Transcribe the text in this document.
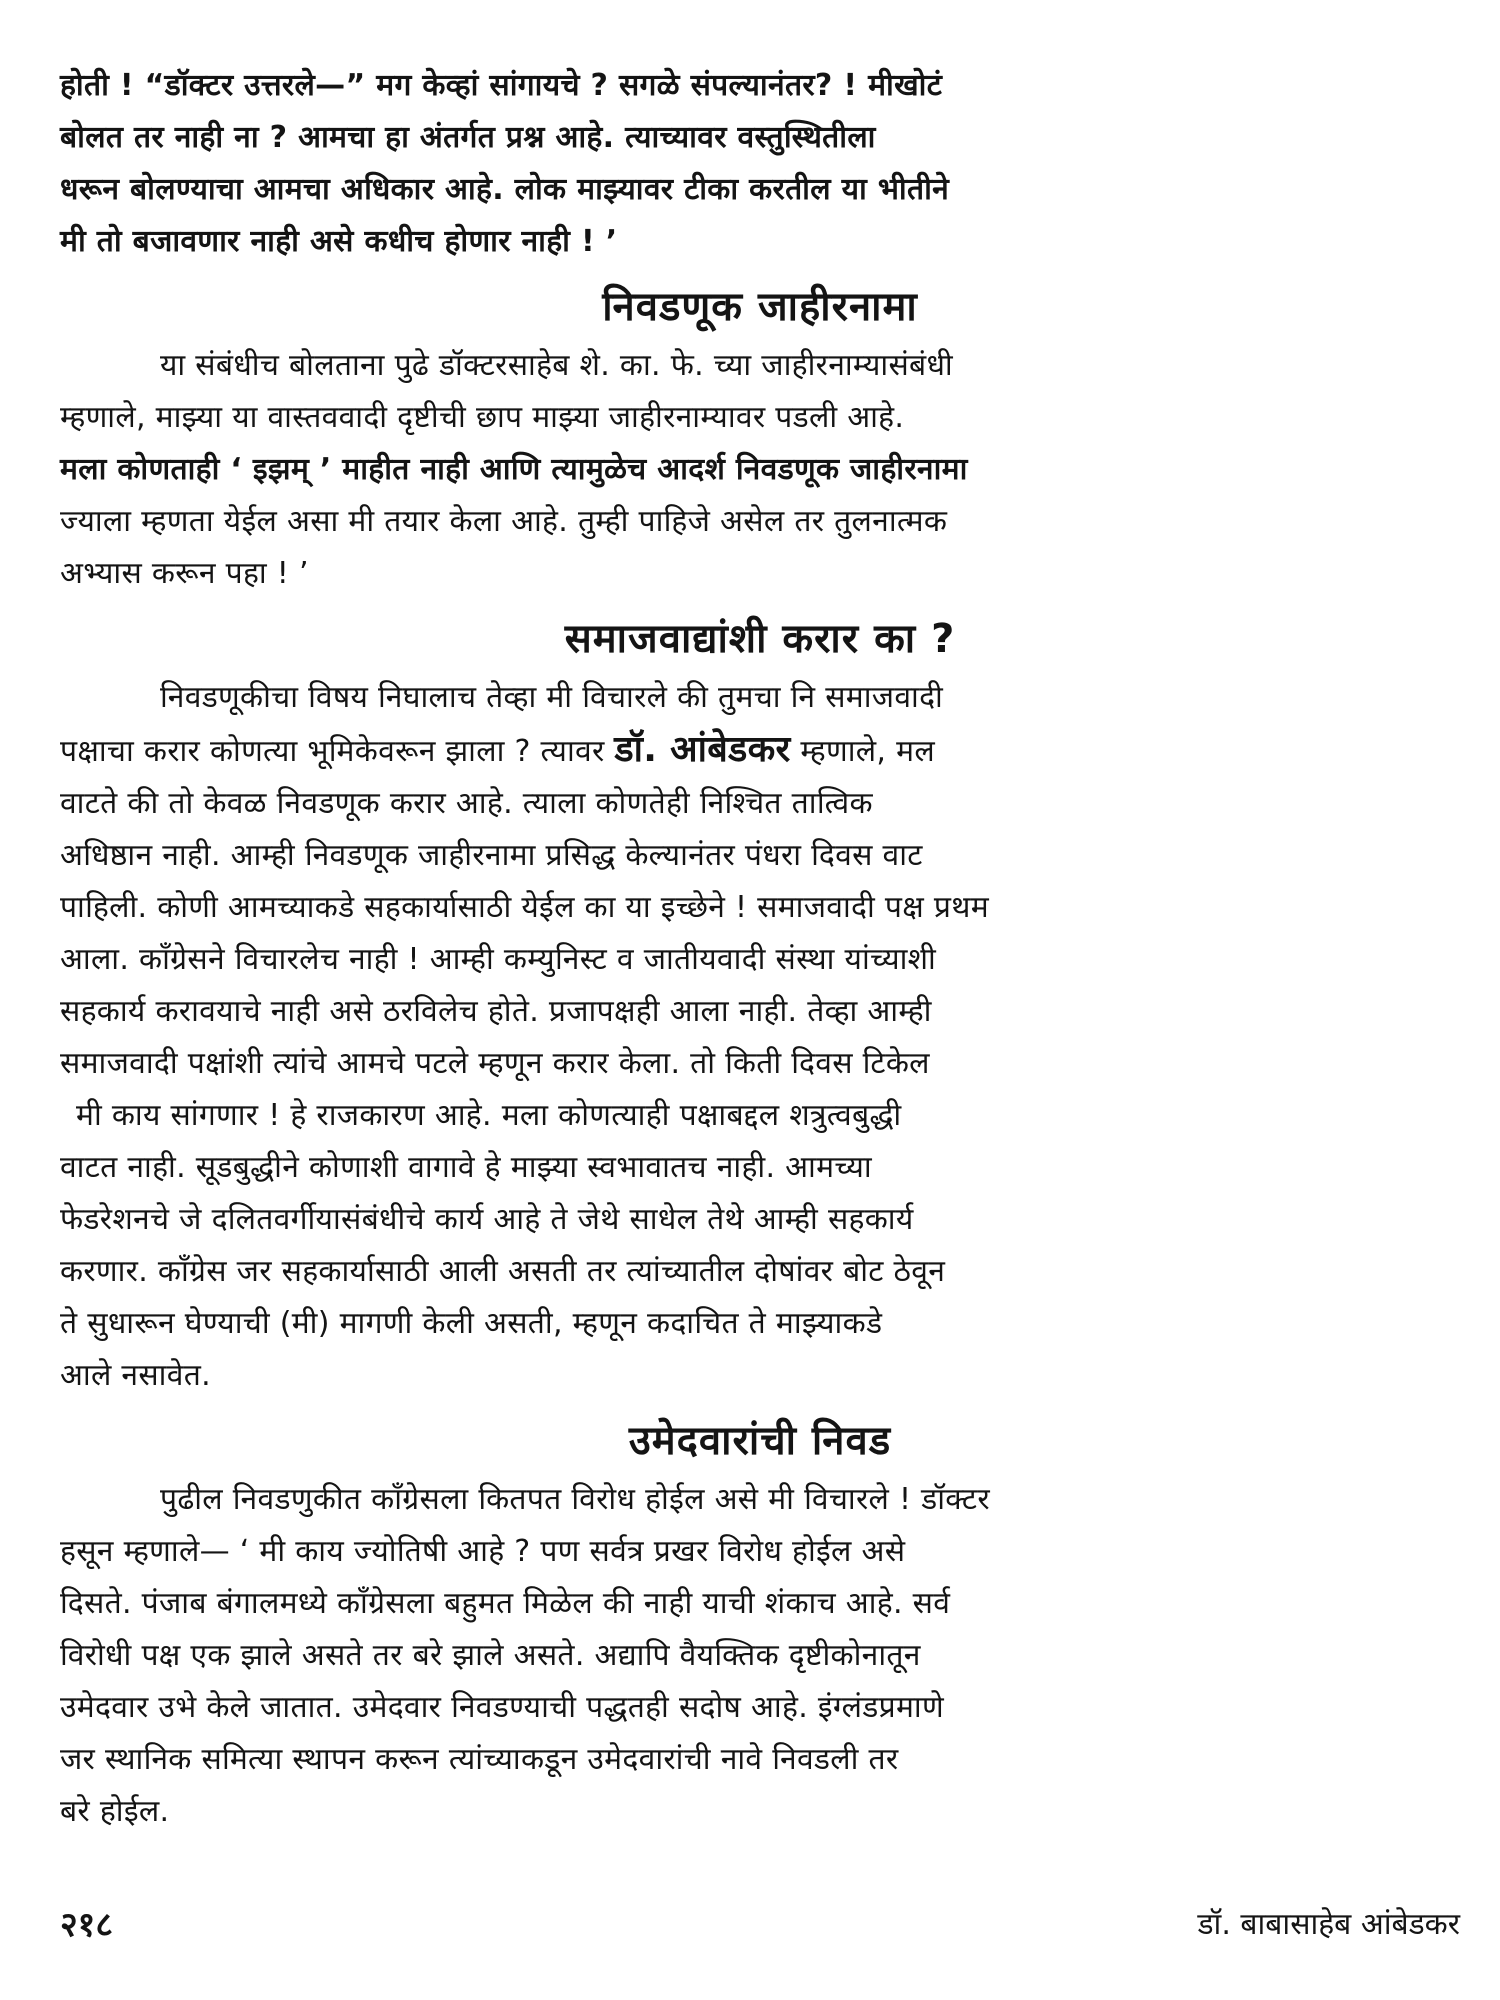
होती ! “डॉक्टर उत्तरले—” मग केव्हां सांगायचे ? सगळे संपल्यानंतर? ! मीखोटं
बोलत तर नाही ना ? आमचा हा अंतर्गत प्रश्न आहे. त्याच्यावर वस्तुस्थितीला
धरून बोलण्याचा आमचा अधिकार आहे. लोक माझ्यावर टीका करतील या भीतीने
मी तो बजावणार नाही असे कधीच होणार नाही ! ’
निवडणूक जाहीरनामा
या संबंधीच बोलताना पुढे डॉक्टरसाहेब शे. का. फे. च्या जाहीरनाम्यासंबंधी
म्हणाले, माझ्या या वास्तववादी दृष्टीची छाप माझ्या जाहीरनाम्यावर पडली आहे.
मला कोणताही ‘ इझम् ’ माहीत नाही आणि त्यामुळेच आदर्श निवडणूक जाहीरनामा
ज्याला म्हणता येईल असा मी तयार केला आहे. तुम्ही पाहिजे असेल तर तुलनात्मक
अभ्यास करून पहा ! ’
समाजवाद्यांशी करार का ?
निवडणूकीचा विषय निघालाच तेव्हा मी विचारले की तुमचा नि समाजवादी
पक्षाचा करार कोणत्या भूमिकेवरून झाला ? त्यावर डॉ. आंबेडकर म्हणाले, मल
वाटते की तो केवळ निवडणूक करार आहे. त्याला कोणतेही निश्चित तात्विक
अधिष्ठान नाही. आम्ही निवडणूक जाहीरनामा प्रसिद्ध केल्यानंतर पंधरा दिवस वाट
पाहिली. कोणी आमच्याकडे सहकार्यासाठी येईल का या इच्छेने ! समाजवादी पक्ष प्रथम
आला. काँग्रेसने विचारलेच नाही ! आम्ही कम्युनिस्ट व जातीयवादी संस्था यांच्याशी
सहकार्य करावयाचे नाही असे ठरविलेच होते. प्रजापक्षही आला नाही. तेव्हा आम्ही
समाजवादी पक्षांशी त्यांचे आमचे पटले म्हणून करार केला. तो किती दिवस टिकेल
मी काय सांगणार ! हे राजकारण आहे. मला कोणत्याही पक्षाबद्दल शत्रुत्वबुद्धी
वाटत नाही. सूडबुद्धीने कोणाशी वागावे हे माझ्या स्वभावातच नाही. आमच्या
फेडरेशनचे जे दलितवर्गीयासंबंधीचे कार्य आहे ते जेथे साधेल तेथे आम्ही सहकार्य
करणार. काँग्रेस जर सहकार्यासाठी आली असती तर त्यांच्यातील दोषांवर बोट ठेवून
ते सुधारून घेण्याची (मी) मागणी केली असती, म्हणून कदाचित ते माझ्याकडे
आले नसावेत.
उमेदवारांची निवड
पुढील निवडणुकीत काँग्रेसला कितपत विरोध होईल असे मी विचारले ! डॉक्टर
हसून म्हणाले— ‘ मी काय ज्योतिषी आहे ? पण सर्वत्र प्रखर विरोध होईल असे
दिसते. पंजाब बंगालमध्ये काँग्रेसला बहुमत मिळेल की नाही याची शंकाच आहे. सर्व
विरोधी पक्ष एक झाले असते तर बरे झाले असते. अद्यापि वैयक्तिक दृष्टीकोनातून
उमेदवार उभे केले जातात. उमेदवार निवडण्याची पद्धतही सदोष आहे. इंग्लंडप्रमाणे
जर स्थानिक समित्या स्थापन करून त्यांच्याकडून उमेदवारांची नावे निवडली तर
बरे होईल.
२१८	डॉ. बाबासाहेब आंबेडकर
